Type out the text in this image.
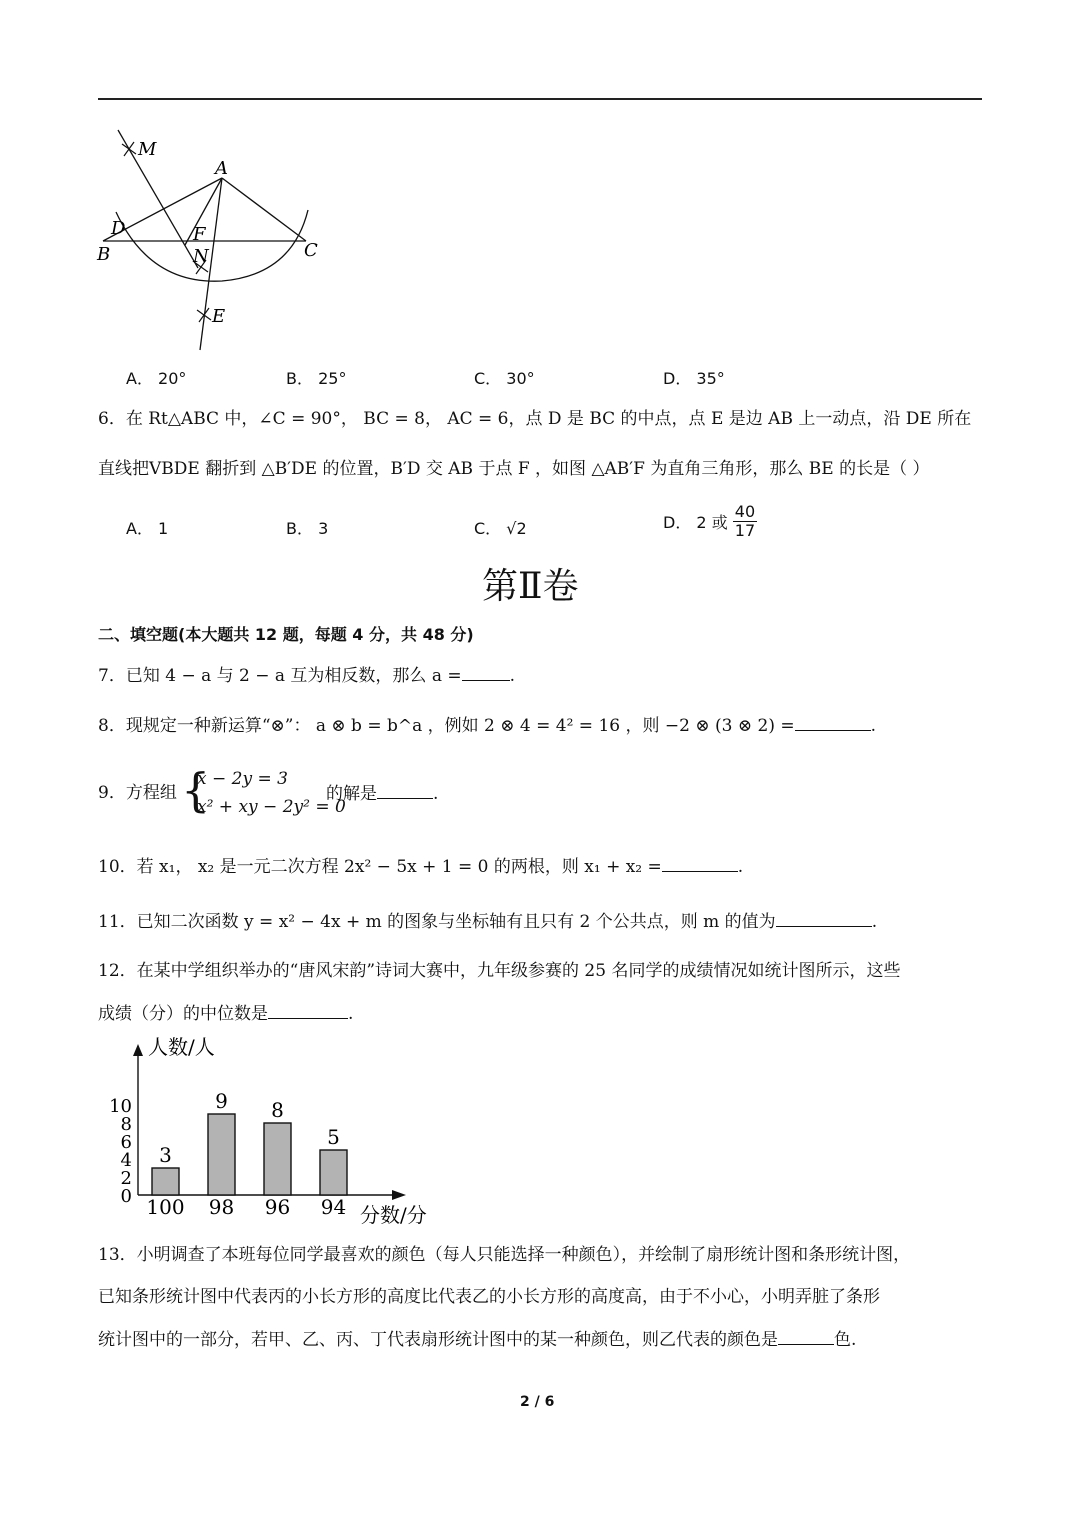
M
A
D	F
B	N	C
E
A． 20°	B． 25°	C． 30°	D． 35°
6．在 Rt△ABC 中，∠C = 90°， BC = 8， AC = 6，点 D 是 BC 的中点，点 E 是边 AB 上一动点，沿 DE 所在
直线把VBDE 翻折到 △B′DE 的位置，B′D 交 AB 于点 F ，如图 △AB′F 为直角三角形，那么 BE 的长是（ ）
A． 1	B． 3	C． √2	D． 2 或 $\frac{40}{17}$
第Ⅱ卷
二、填空题(本大题共 12 题，每题 4 分，共 48 分)
7．已知 4 − a 与 2 − a 互为相反数，那么 a =	.
8．现规定一种新运算“⊗”： a ⊗ b = b^a ，例如 2 ⊗ 4 = 4² = 16 ，则 −2 ⊗ (3 ⊗ 2) =	.
9．方程组 {
x − 2y = 3
x² + xy − 2y² = 0
的解是	.
10．若 x₁， x₂ 是一元二次方程 2x² − 5x + 1 = 0 的两根，则 x₁ + x₂ =	.
11．已知二次函数 y = x² − 4x + m 的图象与坐标轴有且只有 2 个公共点，则 m 的值为	.
12．在某中学组织举办的“唐风宋韵”诗词大赛中，九年级参赛的 25 名同学的成绩情况如统计图所示，这些
成绩（分）的中位数是	.
人数/人
分数/分
0
2
4
6
8
10
3
100
9
98
8
96
5
94
13．小明调查了本班每位同学最喜欢的颜色（每人只能选择一种颜色），并绘制了扇形统计图和条形统计图，
已知条形统计图中代表丙的小长方形的高度比代表乙的小长方形的高度高，由于不小心，小明弄脏了条形
统计图中的一部分，若甲、乙、丙、丁代表扇形统计图中的某一种颜色，则乙代表的颜色是	色.
2 / 6
